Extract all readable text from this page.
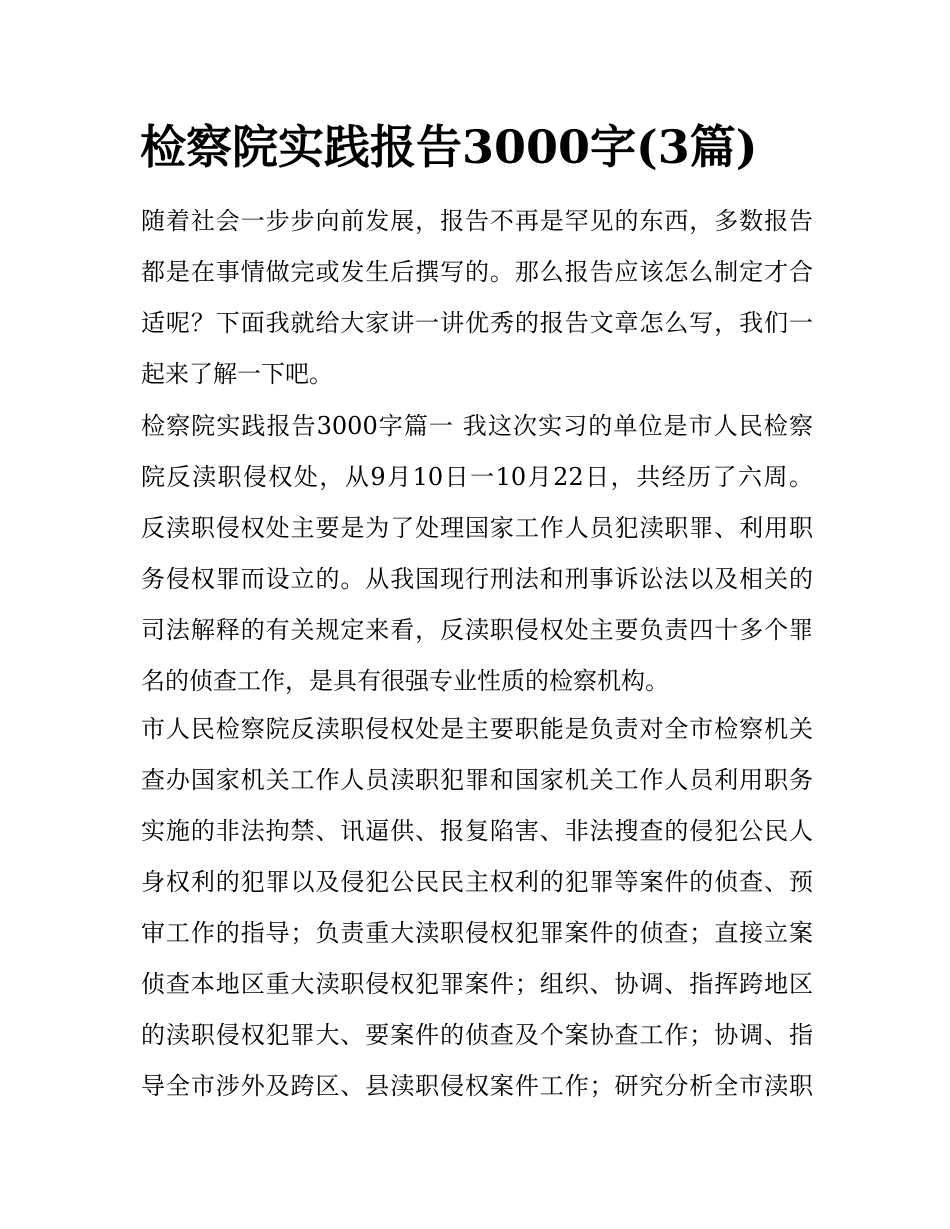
检察院实践报告3000字(3篇)

随着社会一步步向前发展，报告不再是罕见的东西，多数报告

都是在事情做完或发生后撰写的。那么报告应该怎么制定才合

适呢？下面我就给大家讲一讲优秀的报告文章怎么写，我们一

起来了解一下吧。

检察院实践报告3000字篇一 我这次实习的单位是市人民检察

院反渎职侵权处，从9月10日一10月22日，共经历了六周。

反渎职侵权处主要是为了处理国家工作人员犯渎职罪、利用职

务侵权罪而设立的。从我国现行刑法和刑事诉讼法以及相关的

司法解释的有关规定来看，反渎职侵权处主要负责四十多个罪

名的侦查工作，是具有很强专业性质的检察机构。

市人民检察院反渎职侵权处是主要职能是负责对全市检察机关

查办国家机关工作人员渎职犯罪和国家机关工作人员利用职务

实施的非法拘禁、讯逼供、报复陷害、非法搜查的侵犯公民人

身权利的犯罪以及侵犯公民民主权利的犯罪等案件的侦查、预

审工作的指导；负责重大渎职侵权犯罪案件的侦查；直接立案

侦查本地区重大渎职侵权犯罪案件；组织、协调、指挥跨地区

的渎职侵权犯罪大、要案件的侦查及个案协查工作；协调、指

导全市涉外及跨区、县渎职侵权案件工作；研究分析全市渎职
